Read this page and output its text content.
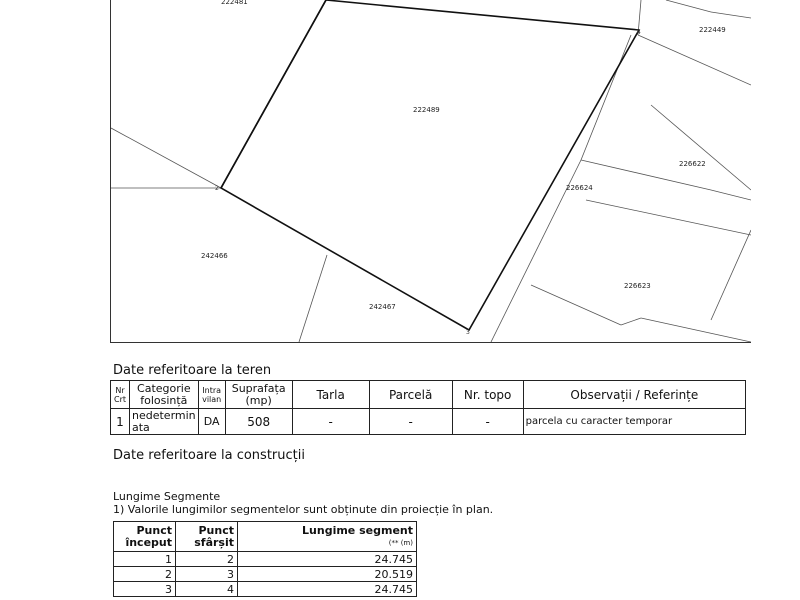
222481
222489
222449
226622
226624
242466
242467
226623
2
3
4
Date referitoare la teren
Nr Crt	Categorie folosință	Intra vilan	Suprafața (mp)	Tarla	Parcelă	Nr. topo	Observații / Referințe
1	nedetermin ata	DA	508	-	-	-	parcela cu caracter temporar
Date referitoare la construcții
Lungime Segmente
1) Valorile lungimilor segmentelor sunt obținute din proiecție în plan.
Punct început	Punct sfârșit	Lungime segment
(** (m)

1	2	24.745
2	3	20.519
3	4	24.745
